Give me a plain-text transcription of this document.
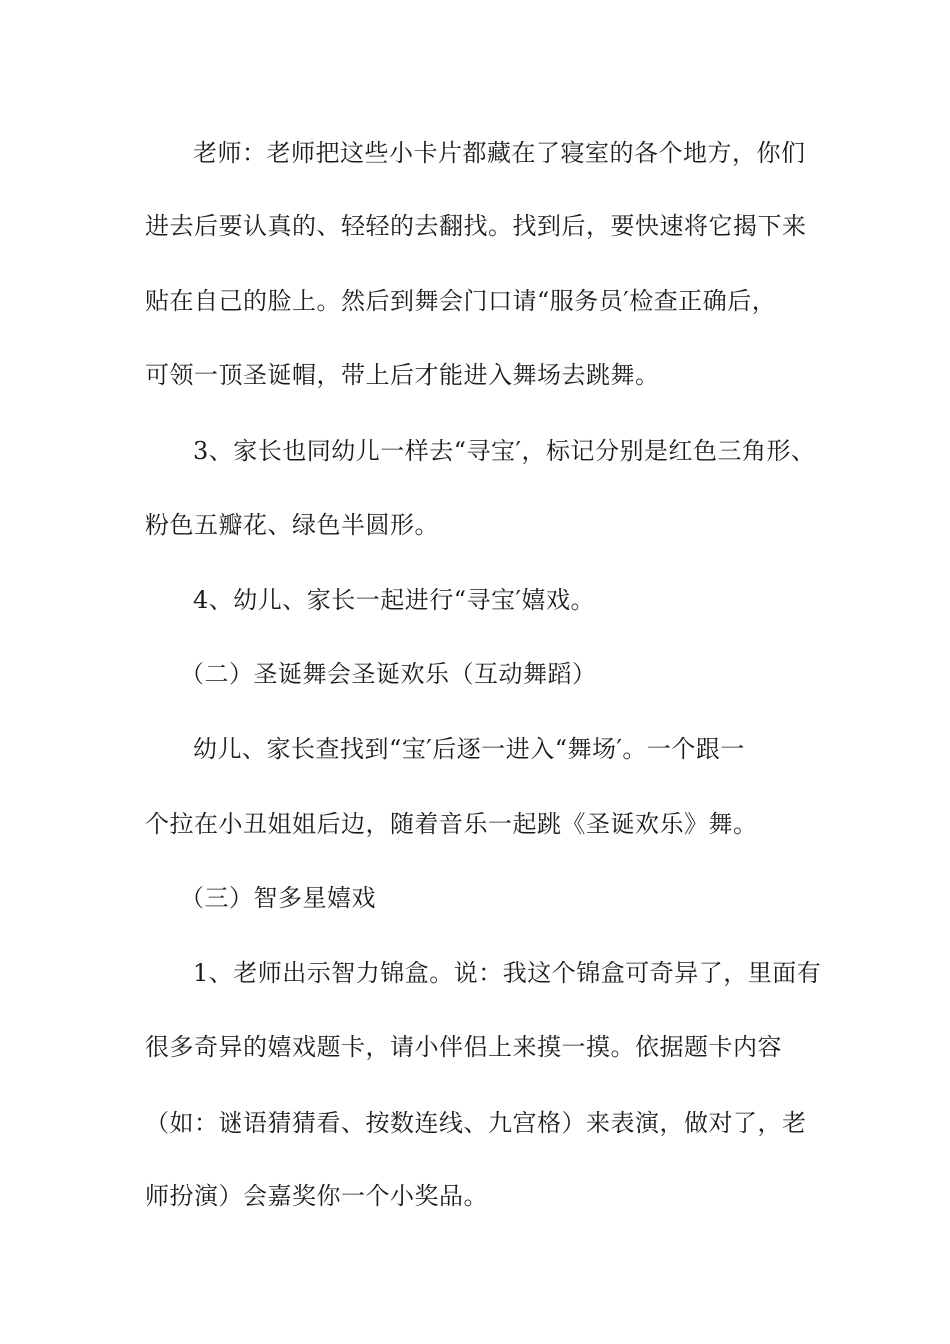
老师：老师把这些小卡片都藏在了寝室的各个地方，你们
进去后要认真的、轻轻的去翻找。找到后，要快速将它揭下来
贴在自己的脸上。然后到舞会门口请“服务员′检查正确后，
可领一顶圣诞帽，带上后才能进入舞场去跳舞。
3、家长也同幼儿一样去“寻宝′，标记分别是红色三角形、
粉色五瓣花、绿色半圆形。
4、幼儿、家长一起进行“寻宝′嬉戏。
（二）圣诞舞会圣诞欢乐（互动舞蹈）
幼儿、家长查找到“宝′后逐一进入“舞场′。一个跟一
个拉在小丑姐姐后边，随着音乐一起跳《圣诞欢乐》舞。
（三）智多星嬉戏
1、老师出示智力锦盒。说：我这个锦盒可奇异了，里面有
很多奇异的嬉戏题卡，请小伴侣上来摸一摸。依据题卡内容
（如：谜语猜猜看、按数连线、九宫格）来表演，做对了，老
师扮演）会嘉奖你一个小奖品。
